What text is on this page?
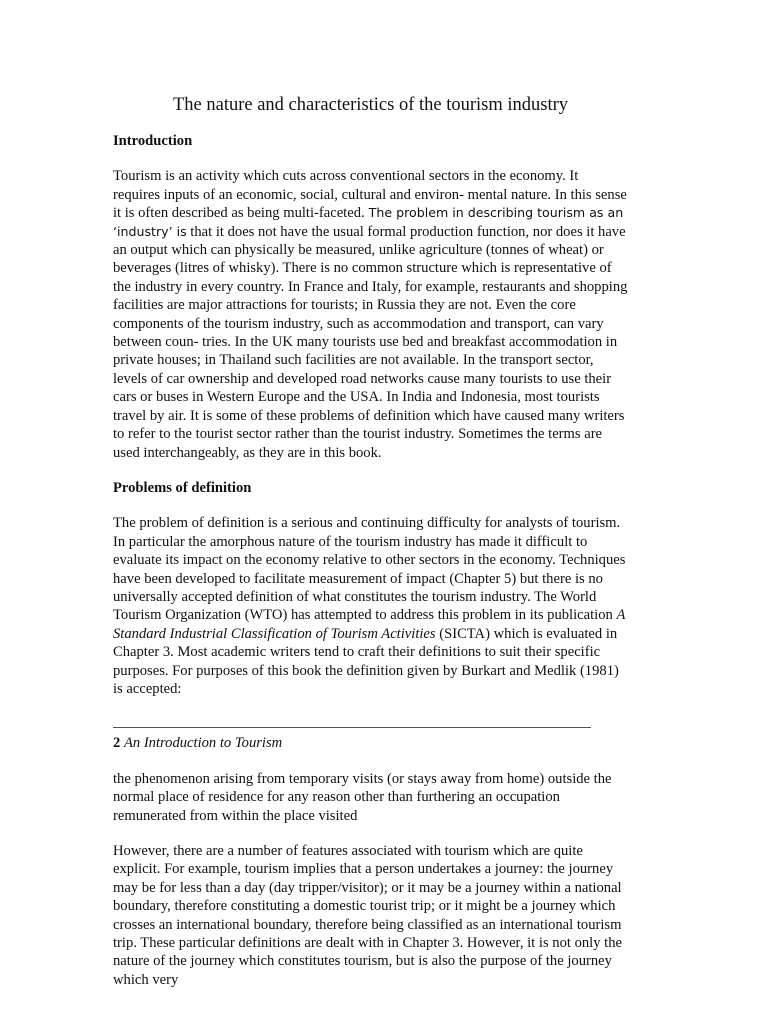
The nature and characteristics of the tourism industry
Introduction

Tourism is an activity which cuts across conventional sectors in the economy. It requires inputs of an economic, social, cultural and environ- mental nature. In this sense it is often described as being multi-faceted. The problem in describing tourism as an ‘industry’ is that it does not have the usual formal production function, nor does it have an output which can physically be measured, unlike agriculture (tonnes of wheat) or beverages (litres of whisky). There is no common structure which is representative of the industry in every country. In France and Italy, for example, restaurants and shopping facilities are major attractions for tourists; in Russia they are not. Even the core components of the tourism industry, such as accommodation and transport, can vary between coun- tries. In the UK many tourists use bed and breakfast accommodation in private houses; in Thailand such facilities are not available. In the transport sector, levels of car ownership and developed road networks cause many tourists to use their cars or buses in Western Europe and the USA. In India and Indonesia, most tourists travel by air. It is some of these problems of definition which have caused many writers to refer to the tourist sector rather than the tourist industry. Sometimes the terms are used interchangeably, as they are in this book.

Problems of definition

The problem of definition is a serious and continuing difficulty for analysts of tourism. In particular the amorphous nature of the tourism industry has made it difficult to evaluate its impact on the economy relative to other sectors in the economy. Techniques have been developed to facilitate measurement of impact (Chapter 5) but there is no universally accepted definition of what constitutes the tourism industry. The World Tourism Organization (WTO) has attempted to address this problem in its publication A Standard Industrial Classification of Tourism Activities (SICTA) which is evaluated in Chapter 3. Most academic writers tend to craft their definitions to suit their specific purposes. For purposes of this book the definition given by Burkart and Medlik (1981) is accepted:

2 An Introduction to Tourism

the phenomenon arising from temporary visits (or stays away from home) outside the normal place of residence for any reason other than furthering an occupation remunerated from within the place visited

However, there are a number of features associated with tourism which are quite explicit. For example, tourism implies that a person undertakes a journey: the journey may be for less than a day (day tripper/visitor); or it may be a journey within a national boundary, therefore constituting a domestic tourist trip; or it might be a journey which crosses an international boundary, therefore being classified as an international tourism trip. These particular definitions are dealt with in Chapter 3. However, it is not only the nature of the journey which constitutes tourism, but is also the purpose of the journey which very
